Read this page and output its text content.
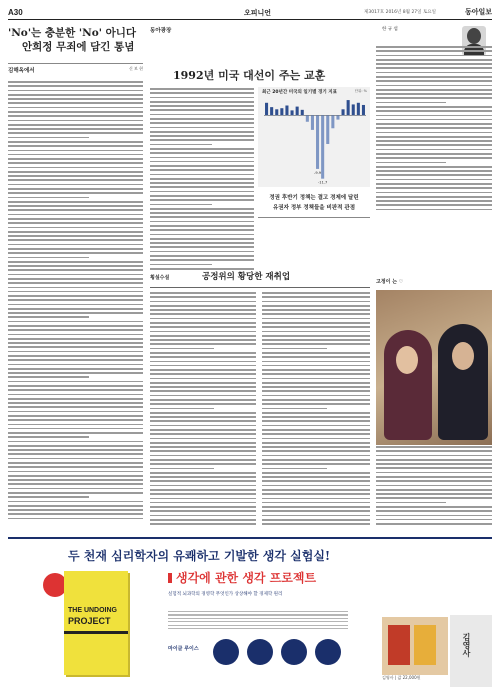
A30	오피니언	제3017호 2016년 8월 27일 토요일	동아일보
'No'는 충분한 'No' 아니다
안희정 무죄에 담긴 통념
김해옥에서	신 보 현
동아광장	한 규 섭
1992년 미국 대선이 주는 교훈
최근 20년간 미국의 일기별 경기 지표	단위: %
-9.9
-11.7
정권 후반기 정책는 결고 경제에 달린
유권자 정부 정책들을 비판적 관점
고정이 는 ♡
횡설수설	공정위의 황당한 재취업
두 천재 심리학자의 유쾌하고 기발한 생각 실험실!
THE UNDOING
PROJECT
생각에 관한 생각 프로젝트
실험적 뇌과학의 경영학 무엇인가 상상해야 할 경제학 원리
마이클 루이스	김영사
김영사 | 값 22,000원
